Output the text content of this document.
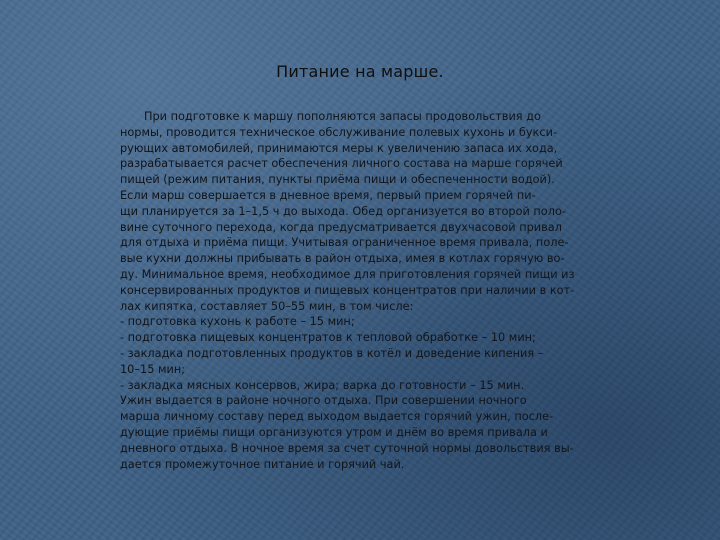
Питание на марше.
При подготовке к маршу пополняются запасы продовольствия до
нормы, проводится техническое обслуживание полевых кухонь и букси-
рующих автомобилей, принимаются меры к увеличению запаса их хода,
разрабатывается расчет обеспечения личного состава на марше горячей
пищей (режим питания, пункты приёма пищи и обеспеченности водой).
Если марш совершается в дневное время, первый прием горячей пи-
щи планируется за 1–1,5 ч до выхода. Обед организуется во второй поло-
вине суточного перехода, когда предусматривается двухчасовой привал
для отдыха и приёма пищи. Учитывая ограниченное время привала, поле-
вые кухни должны прибывать в район отдыха, имея в котлах горячую во-
ду. Минимальное время, необходимое для приготовления горячей пищи из
консервированных продуктов и пищевых концентратов при наличии в кот-
лах кипятка, составляет 50–55 мин, в том числе:
- подготовка кухонь к работе – 15 мин;
- подготовка пищевых концентратов к тепловой обработке – 10 мин;
- закладка подготовленных продуктов в котёл и доведение кипения –
10–15 мин;
- закладка мясных консервов, жира; варка до готовности – 15 мин.
Ужин выдается в районе ночного отдыха. При совершении ночного
марша личному составу перед выходом выдается горячий ужин, после-
дующие приёмы пищи организуются утром и днём во время привала и
дневного отдыха. В ночное время за счет суточной нормы довольствия вы-
дается промежуточное питание и горячий чай.
